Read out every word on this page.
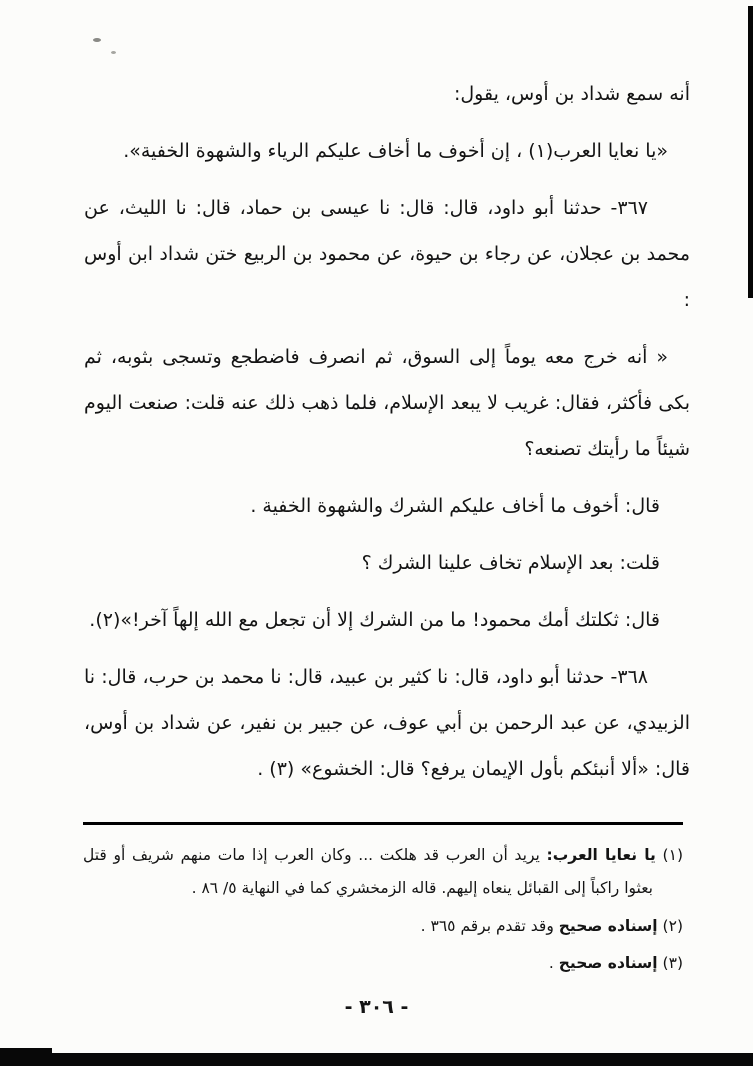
أنه سمع شداد بن أوس، يقول:

«يا نعايا العرب(١) ، إن أخوف ما أخاف عليكم الرياء والشهوة الخفية».

٣٦٧- حدثنا أبو داود، قال: قال: نا عيسى بن حماد، قال: نا الليث، عن محمد بن عجلان، عن رجاء بن حيوة، عن محمود بن الربيع ختن شداد ابن أوس :

« أنه خرج معه يوماً إلى السوق، ثم انصرف فاضطجع وتسجى بثوبه، ثم بكى فأكثر، فقال: غريب لا يبعد الإسلام، فلما ذهب ذلك عنه قلت: صنعت اليوم شيئاً ما رأيتك تصنعه؟

قال: أخوف ما أخاف عليكم الشرك والشهوة الخفية .

قلت: بعد الإسلام تخاف علينا الشرك ؟

قال: ثكلتك أمك محمود! ما من الشرك إلا أن تجعل مع الله إلهاً آخر!»(٢).

٣٦٨- حدثنا أبو داود، قال: نا كثير بن عبيد، قال: نا محمد بن حرب، قال: نا الزبيدي، عن عبد الرحمن بن أبي عوف، عن جبير بن نفير، عن شداد بن أوس، قال: «ألا أنبئكم بأول الإيمان يرفع؟ قال: الخشوع» (٣) .

(١) يا نعايا العرب: يريد أن العرب قد هلكت ... وكان العرب إذا مات منهم شريف أو قتل بعثوا راكباً إلى القبائل ينعاه إليهم. قاله الزمخشري كما في النهاية ٥/ ٨٦ .

(٢) إسناده صحيح وقد تقدم برقم ٣٦٥ .

(٣) إسناده صحيح .

- ٣٠٦ -
